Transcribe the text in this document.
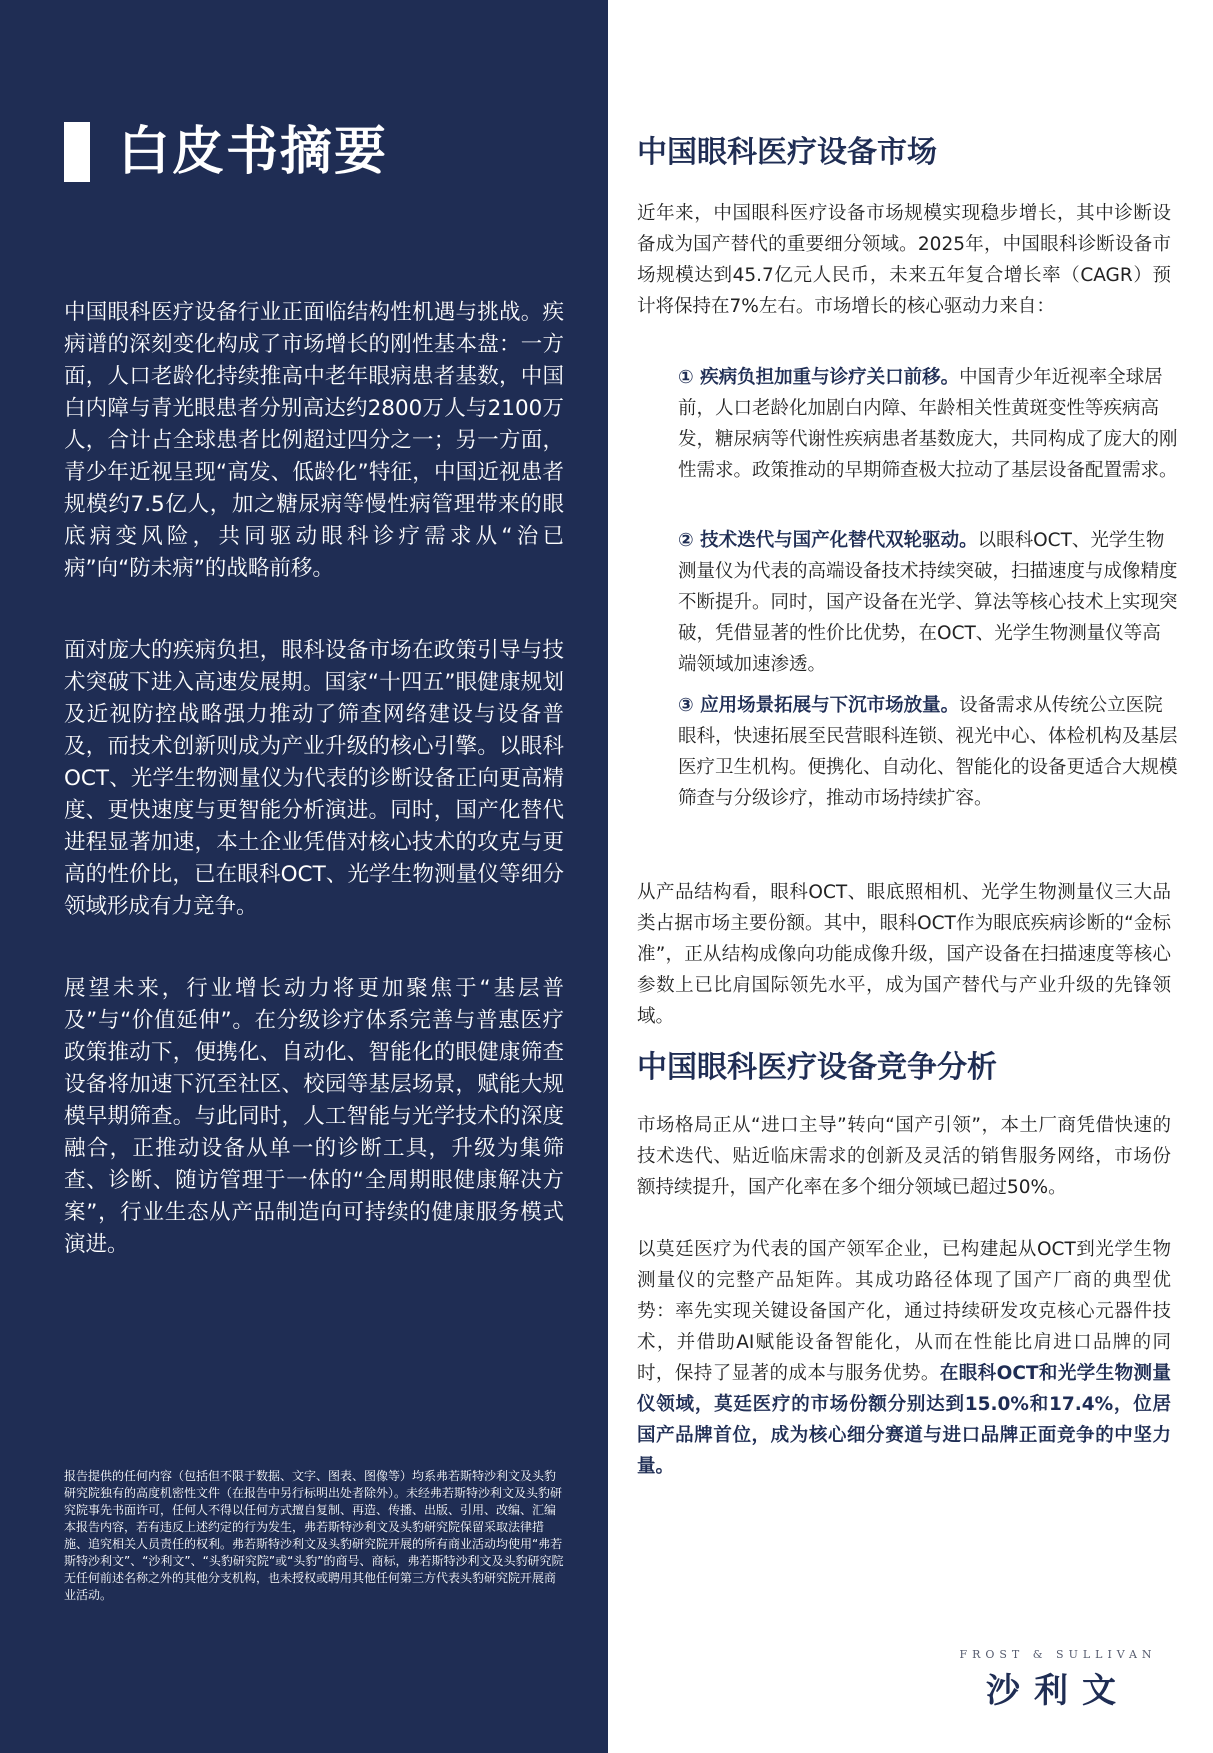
白皮书摘要

中国眼科医疗设备行业正面临结构性机遇与挑战。疾病谱的深刻变化构成了市场增长的刚性基本盘：一方面，人口老龄化持续推高中老年眼病患者基数，中国白内障与青光眼患者分别高达约2800万人与2100万人，合计占全球患者比例超过四分之一；另一方面，青少年近视呈现“高发、低龄化”特征，中国近视患者规模约7.5亿人，加之糖尿病等慢性病管理带来的眼底病变风险，共同驱动眼科诊疗需求从“治已病”向“防未病”的战略前移。

面对庞大的疾病负担，眼科设备市场在政策引导与技术突破下进入高速发展期。国家“十四五”眼健康规划及近视防控战略强力推动了筛查网络建设与设备普及，而技术创新则成为产业升级的核心引擎。以眼科OCT、光学生物测量仪为代表的诊断设备正向更高精度、更快速度与更智能分析演进。同时，国产化替代进程显著加速，本土企业凭借对核心技术的攻克与更高的性价比，已在眼科OCT、光学生物测量仪等细分领域形成有力竞争。

展望未来，行业增长动力将更加聚焦于“基层普及”与“价值延伸”。在分级诊疗体系完善与普惠医疗政策推动下，便携化、自动化、智能化的眼健康筛查设备将加速下沉至社区、校园等基层场景，赋能大规模早期筛查。与此同时，人工智能与光学技术的深度融合，正推动设备从单一的诊断工具，升级为集筛查、诊断、随访管理于一体的“全周期眼健康解决方案”，行业生态从产品制造向可持续的健康服务模式演进。

报告提供的任何内容（包括但不限于数据、文字、图表、图像等）均系弗若斯特沙利文及头豹研究院独有的高度机密性文件（在报告中另行标明出处者除外）。未经弗若斯特沙利文及头豹研究院事先书面许可，任何人不得以任何方式擅自复制、再造、传播、出版、引用、改编、汇编本报告内容，若有违反上述约定的行为发生，弗若斯特沙利文及头豹研究院保留采取法律措施、追究相关人员责任的权利。弗若斯特沙利文及头豹研究院开展的所有商业活动均使用“弗若斯特沙利文”、“沙利文”、“头豹研究院”或“头豹”的商号、商标，弗若斯特沙利文及头豹研究院无任何前述名称之外的其他分支机构，也未授权或聘用其他任何第三方代表头豹研究院开展商业活动。

中国眼科医疗设备市场

近年来，中国眼科医疗设备市场规模实现稳步增长，其中诊断设备成为国产替代的重要细分领域。2025年，中国眼科诊断设备市场规模达到45.7亿元人民币，未来五年复合增长率（CAGR）预计将保持在7%左右。市场增长的核心驱动力来自：

① 疾病负担加重与诊疗关口前移。中国青少年近视率全球居前，人口老龄化加剧白内障、年龄相关性黄斑变性等疾病高发，糖尿病等代谢性疾病患者基数庞大，共同构成了庞大的刚性需求。政策推动的早期筛查极大拉动了基层设备配置需求。
② 技术迭代与国产化替代双轮驱动。以眼科OCT、光学生物测量仪为代表的高端设备技术持续突破，扫描速度与成像精度不断提升。同时，国产设备在光学、算法等核心技术上实现突破，凭借显著的性价比优势，在OCT、光学生物测量仪等高端领域加速渗透。
③ 应用场景拓展与下沉市场放量。设备需求从传统公立医院眼科，快速拓展至民营眼科连锁、视光中心、体检机构及基层医疗卫生机构。便携化、自动化、智能化的设备更适合大规模筛查与分级诊疗，推动市场持续扩容。

从产品结构看，眼科OCT、眼底照相机、光学生物测量仪三大品类占据市场主要份额。其中，眼科OCT作为眼底疾病诊断的“金标准”，正从结构成像向功能成像升级，国产设备在扫描速度等核心参数上已比肩国际领先水平，成为国产替代与产业升级的先锋领域。

中国眼科医疗设备竞争分析

市场格局正从“进口主导”转向“国产引领”，本土厂商凭借快速的技术迭代、贴近临床需求的创新及灵活的销售服务网络，市场份额持续提升，国产化率在多个细分领域已超过50%。

以莫廷医疗为代表的国产领军企业，已构建起从OCT到光学生物测量仪的完整产品矩阵。其成功路径体现了国产厂商的典型优势：率先实现关键设备国产化，通过持续研发攻克核心元器件技术，并借助AI赋能设备智能化，从而在性能比肩进口品牌的同时，保持了显著的成本与服务优势。在眼科OCT和光学生物测量仪领域，莫廷医疗的市场份额分别达到15.0%和17.4%，位居国产品牌首位，成为核心细分赛道与进口品牌正面竞争的中坚力量。

FROST & SULLIVAN
沙利文
